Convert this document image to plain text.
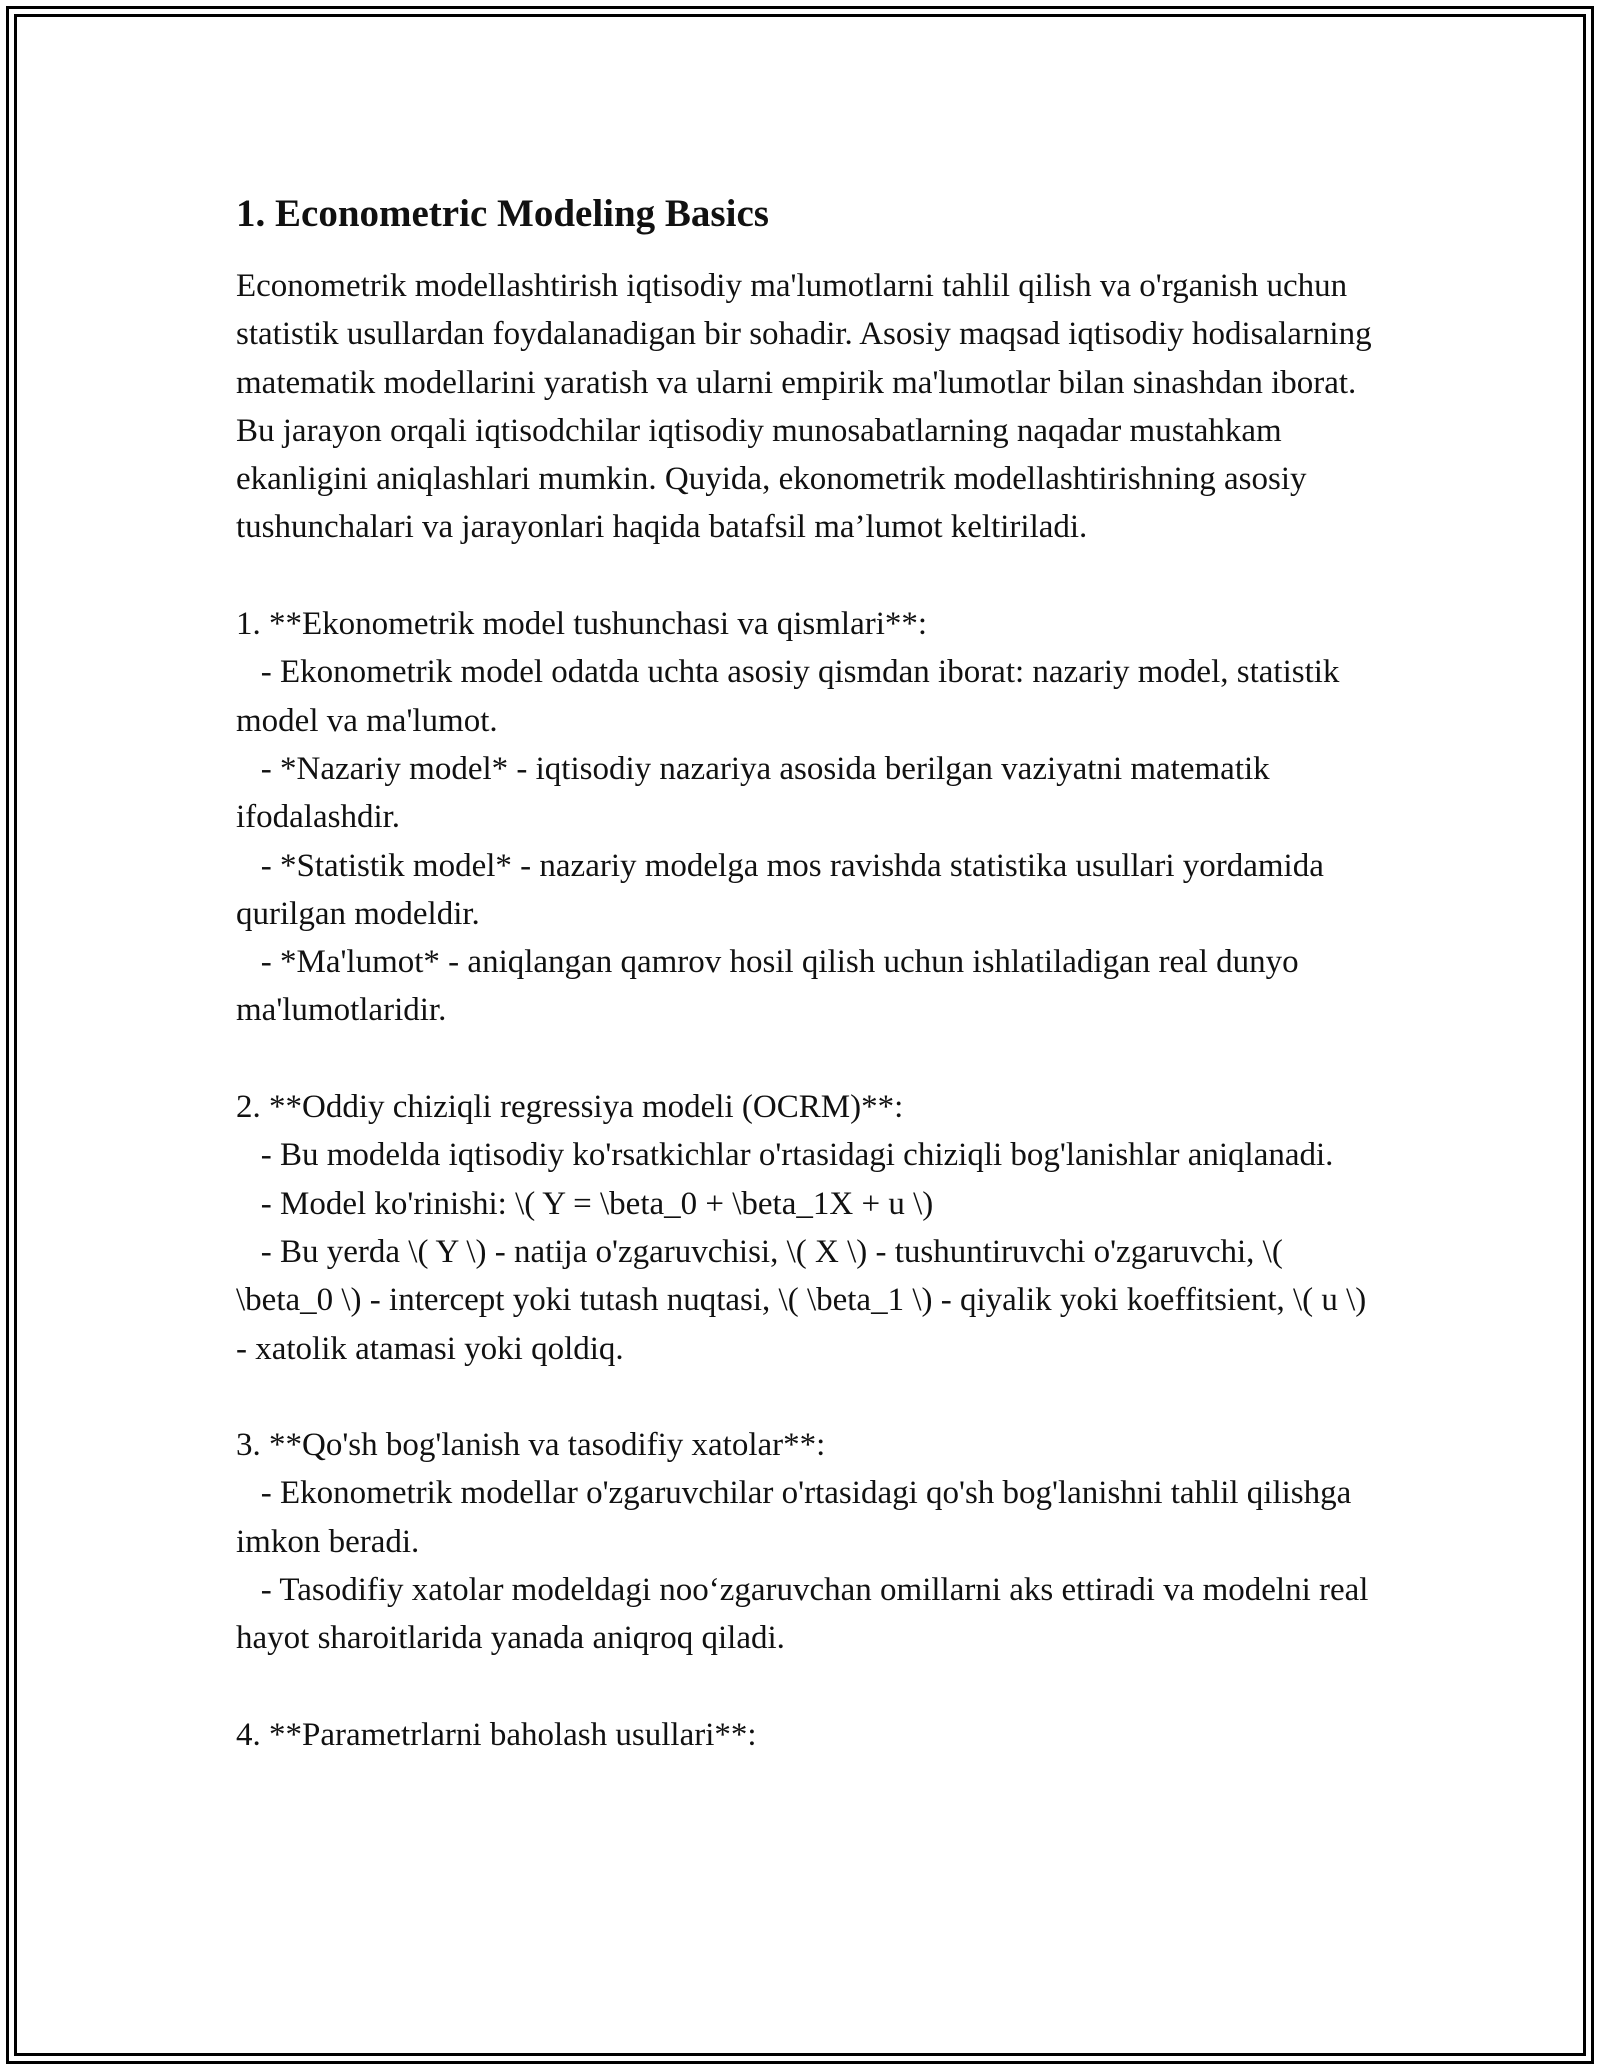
1. Econometric Modeling Basics

Econometrik modellashtirish iqtisodiy ma'lumotlarni tahlil qilish va o'rganish uchun statistik usullardan foydalanadigan bir sohadir. Asosiy maqsad iqtisodiy hodisalarning matematik modellarini yaratish va ularni empirik ma'lumotlar bilan sinashdan iborat. Bu jarayon orqali iqtisodchilar iqtisodiy munosabatlarning naqadar mustahkam ekanligini aniqlashlari mumkin. Quyida, ekonometrik modellashtirishning asosiy tushunchalari va jarayonlari haqida batafsil ma’lumot keltiriladi.

1. **Ekonometrik model tushunchasi va qismlari**:

- Ekonometrik model odatda uchta asosiy qismdan iborat: nazariy model, statistik model va ma'lumot.

- *Nazariy model* - iqtisodiy nazariya asosida berilgan vaziyatni matematik ifodalashdir.

- *Statistik model* - nazariy modelga mos ravishda statistika usullari yordamida qurilgan modeldir.

- *Ma'lumot* - aniqlangan qamrov hosil qilish uchun ishlatiladigan real dunyo ma'lumotlaridir.

2. **Oddiy chiziqli regressiya modeli (OCRM)**:

- Bu modelda iqtisodiy ko'rsatkichlar o'rtasidagi chiziqli bog'lanishlar aniqlanadi.

- Model ko'rinishi: \( Y = \beta_0 + \beta_1X + u \)

- Bu yerda \( Y \) - natija o'zgaruvchisi, \( X \) - tushuntiruvchi o'zgaruvchi, \( \beta_0 \) - intercept yoki tutash nuqtasi, \( \beta_1 \) - qiyalik yoki koeffitsient, \( u \) - xatolik atamasi yoki qoldiq.

3. **Qo'sh bog'lanish va tasodifiy xatolar**:

- Ekonometrik modellar o'zgaruvchilar o'rtasidagi qo'sh bog'lanishni tahlil qilishga imkon beradi.

- Tasodifiy xatolar modeldagi noo‘zgaruvchan omillarni aks ettiradi va modelni real hayot sharoitlarida yanada aniqroq qiladi.

4. **Parametrlarni baholash usullari**:
